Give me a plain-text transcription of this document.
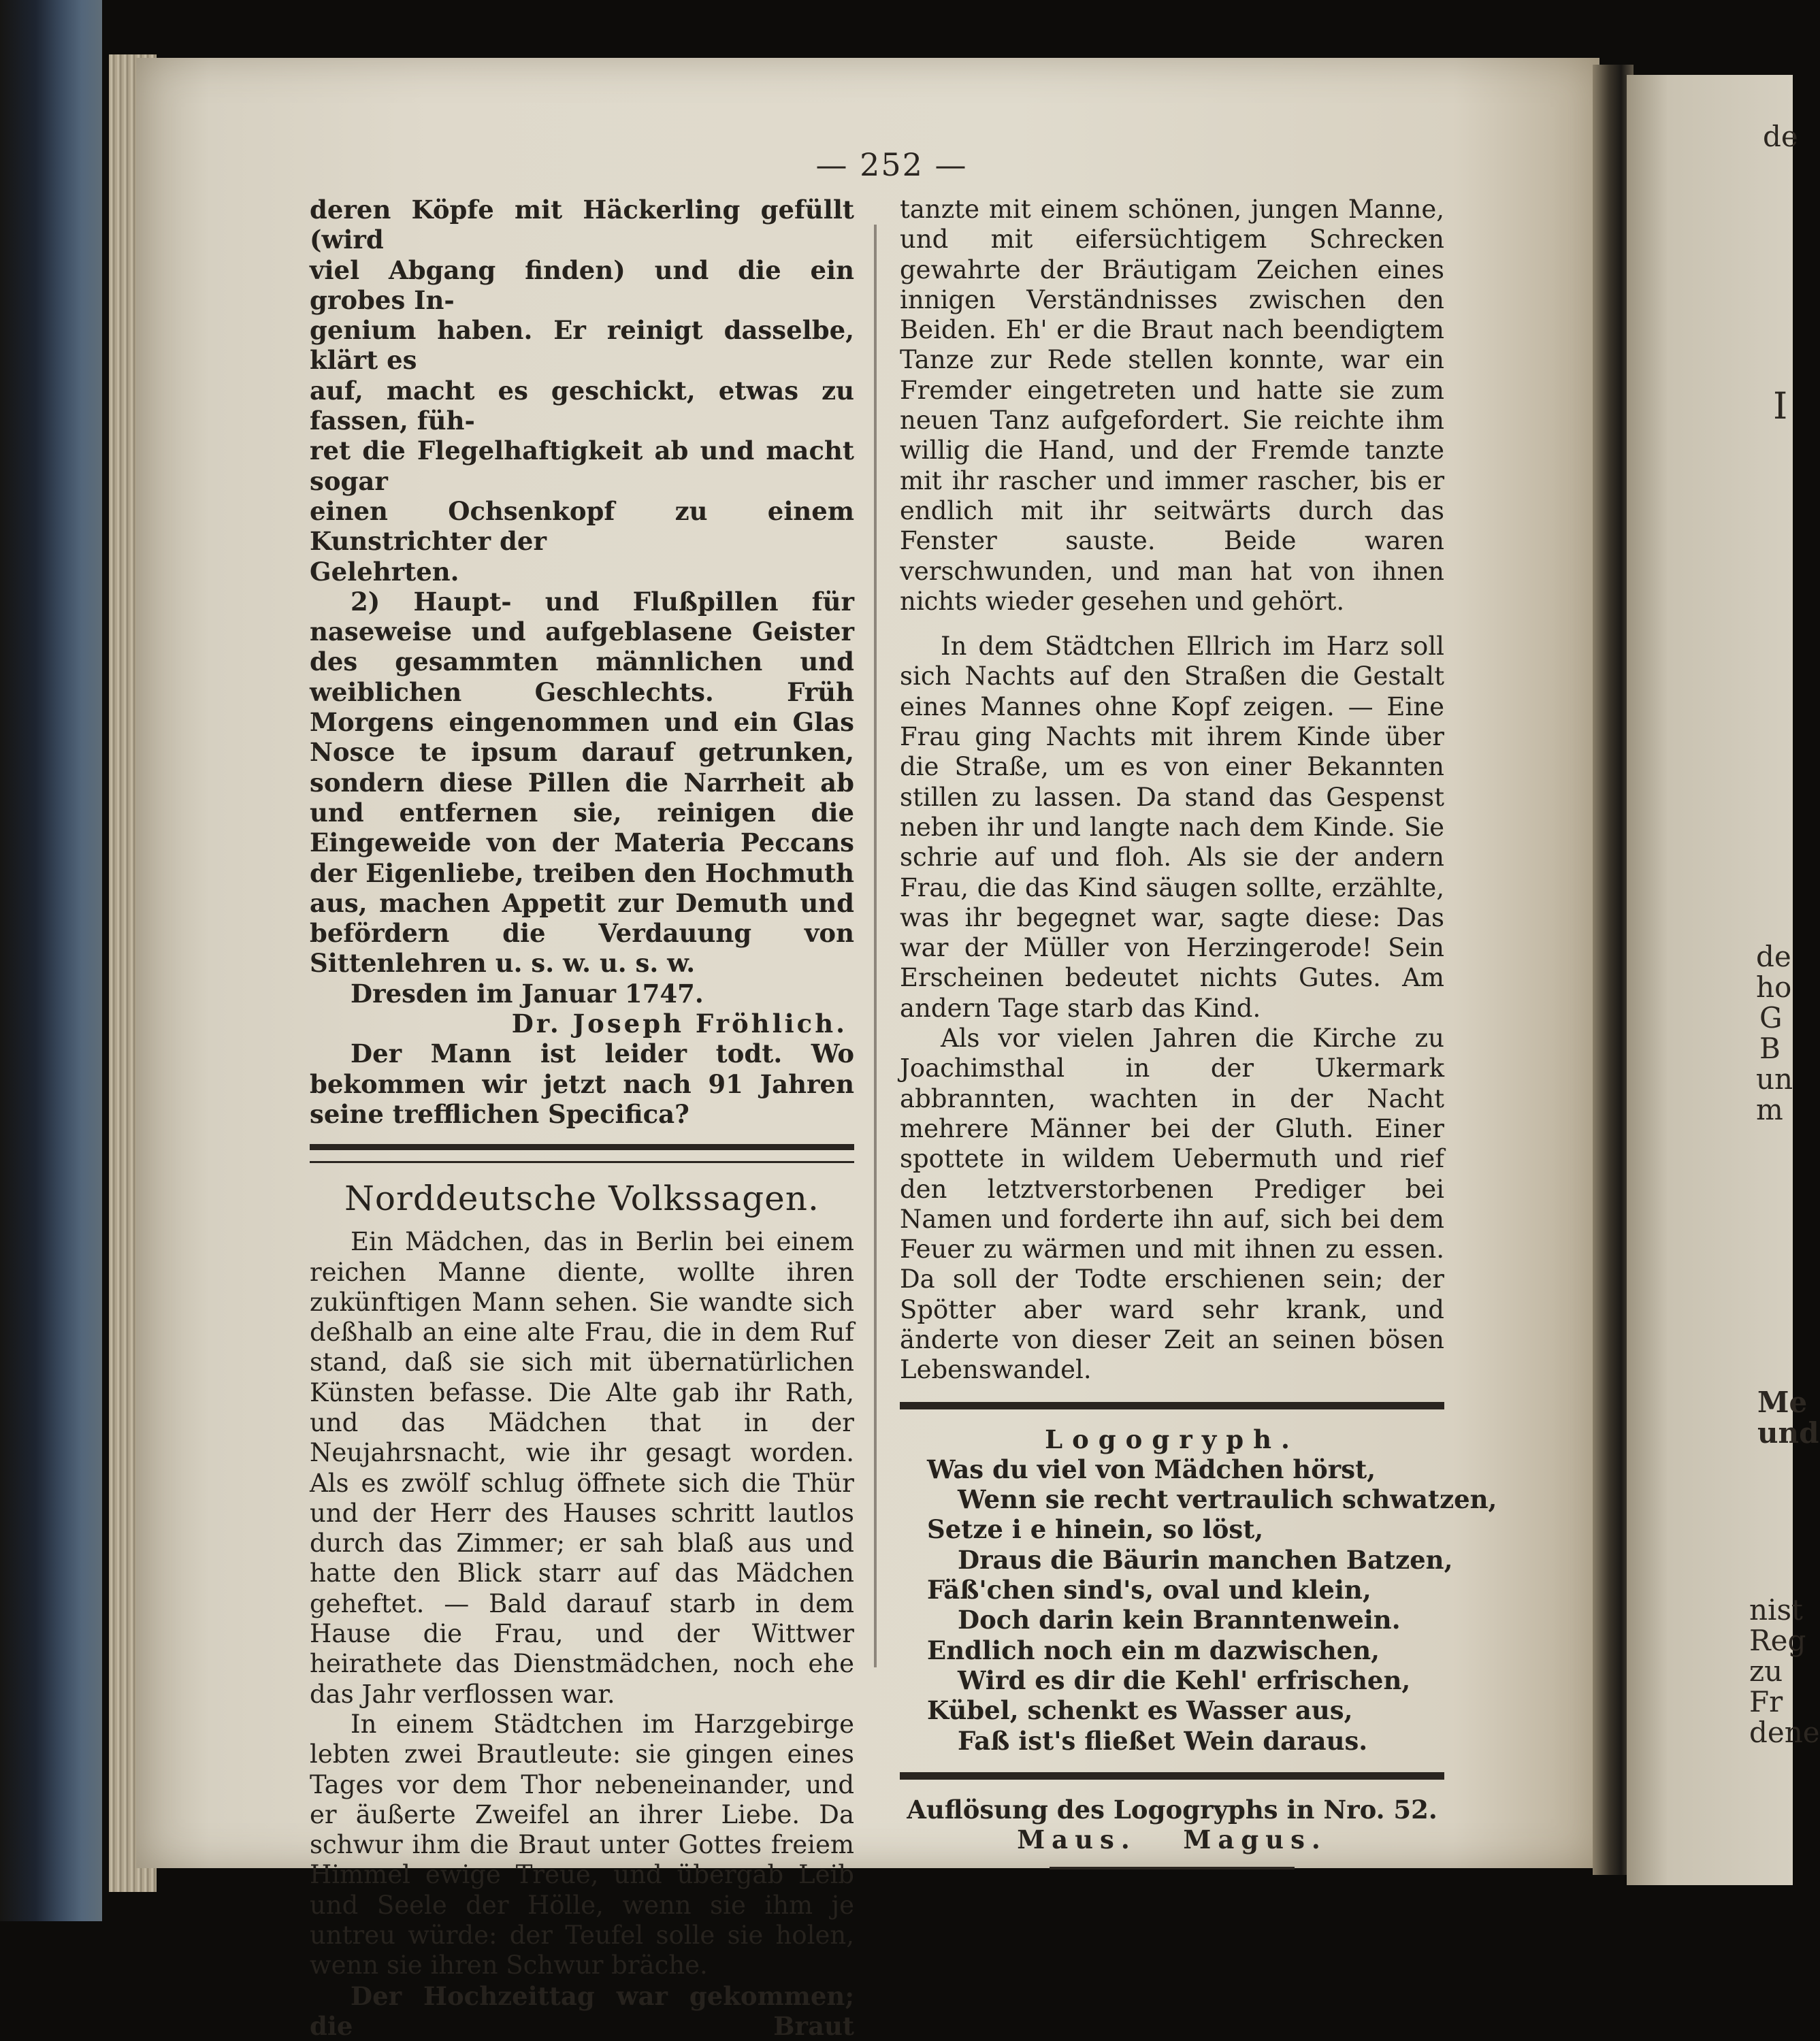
de
I
de
ho
G
B
un
m
Me
und
nist
Reg
zu
Fr
dene
— 252 —

deren Köpfe mit Häckerling gefüllt (wird

viel Abgang finden) und die ein grobes In-

genium haben. Er reinigt dasselbe, klärt es

auf, macht es geschickt, etwas zu fassen, füh-

ret die Flegelhaftigkeit ab und macht sogar

einen Ochsenkopf zu einem Kunstrichter der

Gelehrten.

2) Haupt- und Flußpillen für naseweise und aufgeblasene Geister des gesammten männlichen und weiblichen Geschlechts. Früh Morgens eingenommen und ein Glas Nosce te ipsum darauf getrunken, sondern diese Pillen die Narrheit ab und entfernen sie, reinigen die Eingeweide von der Materia Peccans der Eigenliebe, treiben den Hochmuth aus, machen Appetit zur Demuth und befördern die Verdauung von Sittenlehren u. s. w. u. s. w.

Dresden im Januar 1747.

Dr. Joseph Fröhlich.

Der Mann ist leider todt. Wo bekommen wir jetzt nach 91 Jahren seine trefflichen Specifica?

Norddeutsche Volkssagen.

Ein Mädchen, das in Berlin bei einem reichen Manne diente, wollte ihren zukünftigen Mann sehen. Sie wandte sich deßhalb an eine alte Frau, die in dem Ruf stand, daß sie sich mit übernatürlichen Künsten befasse. Die Alte gab ihr Rath, und das Mädchen that in der Neujahrsnacht, wie ihr gesagt worden. Als es zwölf schlug öffnete sich die Thür und der Herr des Hauses schritt lautlos durch das Zimmer; er sah blaß aus und hatte den Blick starr auf das Mädchen geheftet. — Bald darauf starb in dem Hause die Frau, und der Wittwer heirathete das Dienstmädchen, noch ehe das Jahr verflossen war.

In einem Städtchen im Harzgebirge lebten zwei Brautleute: sie gingen eines Tages vor dem Thor nebeneinander, und er äußerte Zweifel an ihrer Liebe. Da schwur ihm die Braut unter Gottes freiem Himmel ewige Treue, und übergab Leib und Seele der Hölle, wenn sie ihm je untreu würde: der Teufel solle sie holen, wenn sie ihren Schwur bräche.

Der Hochzeittag war gekommen; die Braut

tanzte mit einem schönen, jungen Manne, und mit eifersüchtigem Schrecken gewahrte der Bräutigam Zeichen eines innigen Verständnisses zwischen den Beiden. Eh' er die Braut nach beendigtem Tanze zur Rede stellen konnte, war ein Fremder eingetreten und hatte sie zum neuen Tanz aufgefordert. Sie reichte ihm willig die Hand, und der Fremde tanzte mit ihr rascher und immer rascher, bis er endlich mit ihr seitwärts durch das Fenster sauste. Beide waren verschwunden, und man hat von ihnen nichts wieder gesehen und gehört.

In dem Städtchen Ellrich im Harz soll sich Nachts auf den Straßen die Gestalt eines Mannes ohne Kopf zeigen. — Eine Frau ging Nachts mit ihrem Kinde über die Straße, um es von einer Bekannten stillen zu lassen. Da stand das Gespenst neben ihr und langte nach dem Kinde. Sie schrie auf und floh. Als sie der andern Frau, die das Kind säugen sollte, erzählte, was ihr begegnet war, sagte diese: Das war der Müller von Herzingerode! Sein Erscheinen bedeutet nichts Gutes. Am andern Tage starb das Kind.

Als vor vielen Jahren die Kirche zu Joachimsthal in der Ukermark abbrannten, wachten in der Nacht mehrere Männer bei der Gluth. Einer spottete in wildem Uebermuth und rief den letztverstorbenen Prediger bei Namen und forderte ihn auf, sich bei dem Feuer zu wärmen und mit ihnen zu essen. Da soll der Todte erschienen sein; der Spötter aber ward sehr krank, und änderte von dieser Zeit an seinen bösen Lebenswandel.

Logogryph.

Was du viel von Mädchen hörst,

Wenn sie recht vertraulich schwatzen,

Setze i e hinein, so löst,

Draus die Bäurin manchen Batzen,

Fäß'chen sind's, oval und klein,

Doch darin kein Branntenwein.

Endlich noch ein m dazwischen,

Wird es dir die Kehl' erfrischen,

Kübel, schenkt es Wasser aus,

Faß ist's fließet Wein daraus.

Auflösung des Logogryphs in Nro. 52.

Maus.   Magus.
